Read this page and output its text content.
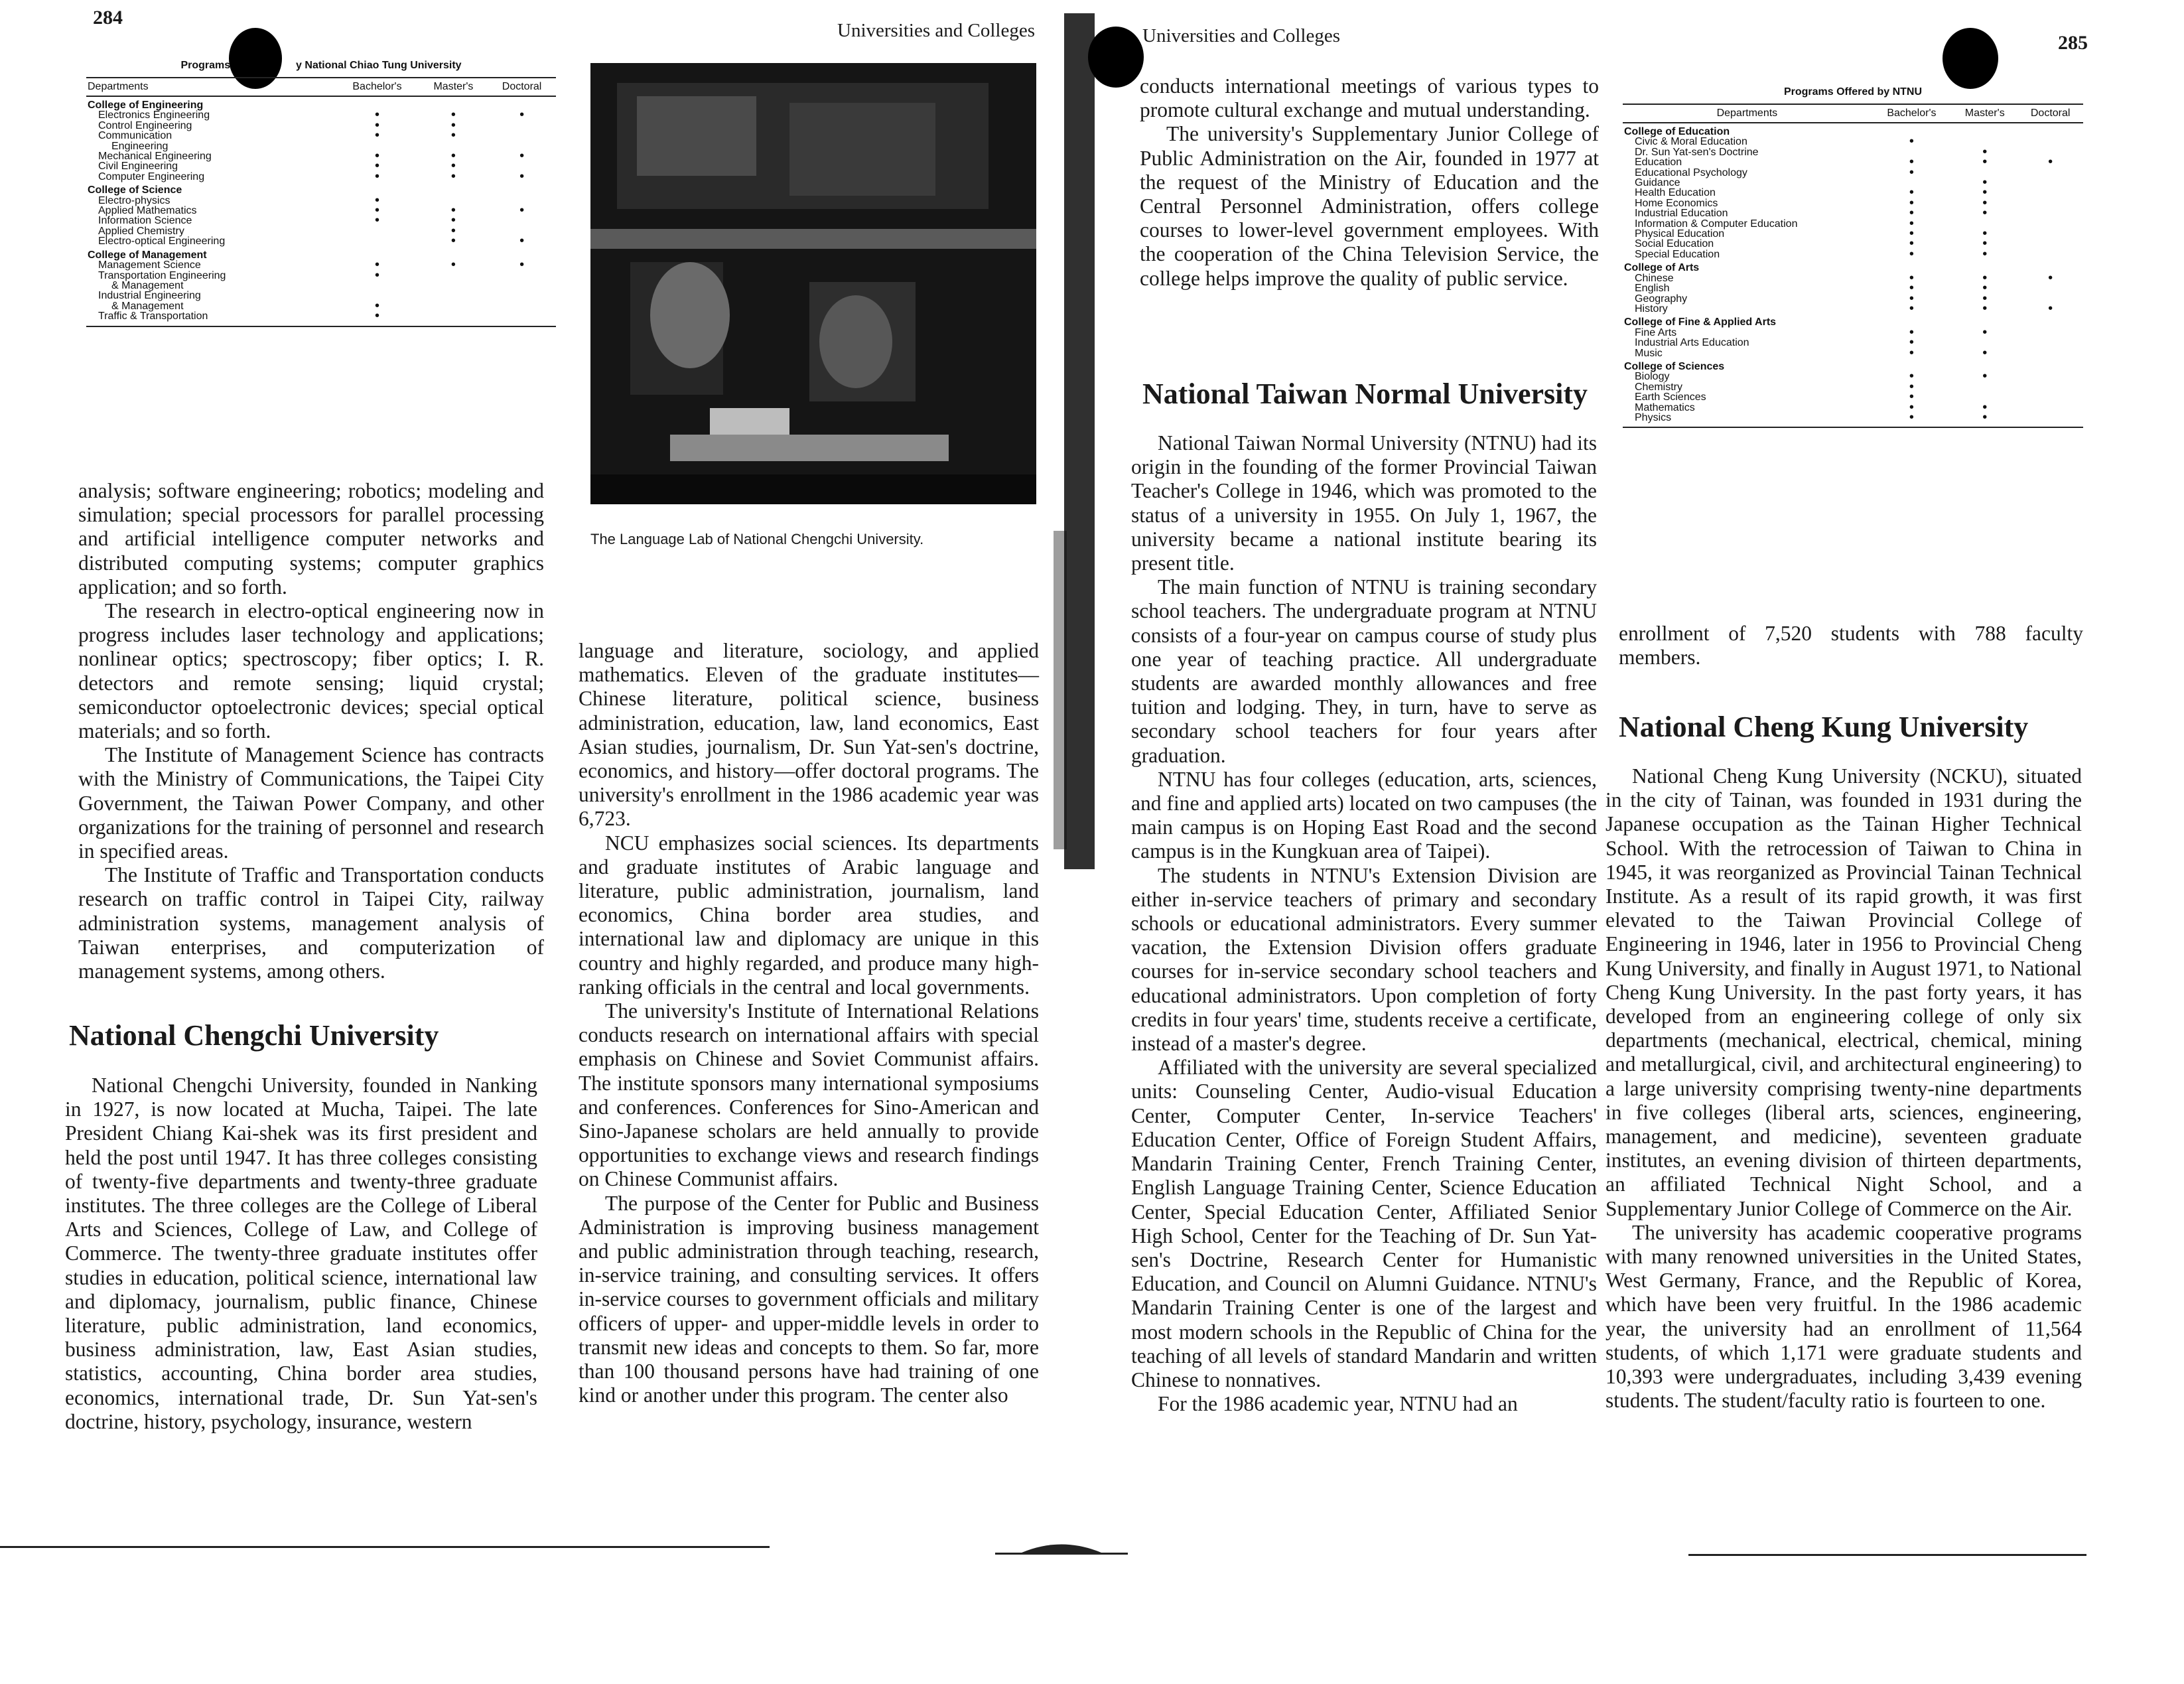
284
Universities and Colleges
Programs	y National Chiao Tung University
Departments	Bachelor's	Master's	Doctoral
College of Engineering			
Electronics Engineering	•	•	•
Control Engineering	•	•	
Communication	•	•	
Engineering			
Mechanical Engineering	•	•	•
Civil Engineering	•	•	
Computer Engineering	•	•	•
College of Science			
Electro-physics	•		
Applied Mathematics	•	•	•
Information Science	•	•	
Applied Chemistry		•	
Electro-optical Engineering		•	•
College of Management			
Management Science	•	•	•
Transportation Engineering	•		
& Management			
Industrial Engineering			
& Management	•		
Traffic & Transportation	•		

analysis; software engineering; robotics; modeling and simulation; special processors for parallel processing and artificial intelligence computer networks and distributed computing systems; computer graphics application; and so forth.

The research in electro-optical engineering now in progress includes laser technology and applications; nonlinear optics; spectroscopy; fiber optics; I. R. detectors and remote sensing; liquid crystal; semiconductor optoelectronic devices; special optical materials; and so forth.

The Institute of Management Science has contracts with the Ministry of Communications, the Taipei City Government, the Taiwan Power Company, and other organizations for the training of personnel and research in specified areas.

The Institute of Traffic and Transportation conducts research on traffic control in Taipei City, railway administration systems, management analysis of Taiwan enterprises, and computerization of management systems, among others.

National Chengchi University

National Chengchi University, founded in Nanking in 1927, is now located at Mucha, Taipei. The late President Chiang Kai-shek was its first president and held the post until 1947. It has three colleges consisting of twenty-five departments and twenty-three graduate institutes. The three colleges are the College of Liberal Arts and Sciences, College of Law, and College of Commerce. The twenty-three graduate institutes offer studies in education, political science, international law and diplomacy, journalism, public finance, Chinese literature, public administration, land economics, business administration, law, East Asian studies, statistics, accounting, China border area studies, economics, international trade, Dr. Sun Yat-sen's doctrine, history, psychology, insurance, western

The Language Lab of National Chengchi University.

language and literature, sociology, and applied mathematics. Eleven of the graduate institutes—Chinese literature, political science, business administration, education, law, land economics, East Asian studies, journalism, Dr. Sun Yat-sen's doctrine, economics, and history—offer doctoral programs. The university's enrollment in the 1986 academic year was 6,723.

NCU emphasizes social sciences. Its departments and graduate institutes of Arabic language and literature, public administration, journalism, land economics, China border area studies, and international law and diplomacy are unique in this country and highly regarded, and produce many high-ranking officials in the central and local governments.

The university's Institute of International Relations conducts research on international affairs with special emphasis on Chinese and Soviet Communist affairs. The institute sponsors many international symposiums and conferences. Conferences for Sino-American and Sino-Japanese scholars are held annually to provide opportunities to exchange views and research findings on Chinese Communist affairs.

The purpose of the Center for Public and Business Administration is improving business management and public administration through teaching, research, in-service training, and consulting services. It offers in-service courses to government officials and military officers of upper- and upper-middle levels in order to transmit new ideas and concepts to them. So far, more than 100 thousand persons have had training of one kind or another under this program. The center also

Universities and Colleges	285

conducts international meetings of various types to promote cultural exchange and mutual understanding.

The university's Supplementary Junior College of Public Administration on the Air, founded in 1977 at the request of the Ministry of Education and the Central Personnel Administration, offers college courses to lower-level government employees. With the cooperation of the China Television Service, the college helps improve the quality of public service.

National Taiwan Normal University

National Taiwan Normal University (NTNU) had its origin in the founding of the former Provincial Taiwan Teacher's College in 1946, which was promoted to the status of a university in 1955. On July 1, 1967, the university became a national institute bearing its present title.

The main function of NTNU is training secondary school teachers. The undergraduate program at NTNU consists of a four-year on campus course of study plus one year of teaching practice. All undergraduate students are awarded monthly allowances and free tuition and lodging. They, in turn, have to serve as secondary school teachers for four years after graduation.

NTNU has four colleges (education, arts, sciences, and fine and applied arts) located on two campuses (the main campus is on Hoping East Road and the second campus is in the Kungkuan area of Taipei).

The students in NTNU's Extension Division are either in-service teachers of primary and secondary schools or educational administrators. Every summer vacation, the Extension Division offers graduate courses for in-service secondary school teachers and educational administrators. Upon completion of forty credits in four years' time, students receive a certificate, instead of a master's degree.

Affiliated with the university are several specialized units: Counseling Center, Audio-visual Education Center, Computer Center, In-service Teachers' Education Center, Office of Foreign Student Affairs, Mandarin Training Center, French Training Center, English Language Training Center, Science Education Center, Special Education Center, Affiliated Senior High School, Center for the Teaching of Dr. Sun Yat-sen's Doctrine, Research Center for Humanistic Education, and Council on Alumni Guidance. NTNU's Mandarin Training Center is one of the largest and most modern schools in the Republic of China for the teaching of all levels of standard Mandarin and written Chinese to nonnatives.

For the 1986 academic year, NTNU had an

Programs Offered by NTNU
Departments	Bachelor's	Master's	Doctoral
College of Education			
Civic & Moral Education	•		
Dr. Sun Yat-sen's Doctrine		•	
Education	•	•	•
Educational Psychology	•		
Guidance		•	
Health Education	•	•	
Home Economics	•	•	
Industrial Education	•	•	
Information & Computer Education	•		
Physical Education	•	•	
Social Education	•	•	
Special Education	•	•	
College of Arts			
Chinese	•	•	•
English	•	•	
Geography	•	•	
History	•	•	•
College of Fine & Applied Arts			
Fine Arts	•	•	
Industrial Arts Education	•		
Music	•	•	
College of Sciences			
Biology	•	•	
Chemistry	•		
Earth Sciences	•		
Mathematics	•	•	
Physics	•	•	

enrollment of 7,520 students with 788 faculty members.

National Cheng Kung University

National Cheng Kung University (NCKU), situated in the city of Tainan, was founded in 1931 during the Japanese occupation as the Tainan Higher Technical School. With the retrocession of Taiwan to China in 1945, it was reorganized as Provincial Tainan Technical Institute. As a result of its rapid growth, it was first elevated to the Taiwan Provincial College of Engineering in 1946, later in 1956 to Provincial Cheng Kung University, and finally in August 1971, to National Cheng Kung University. In the past forty years, it has developed from an engineering college of only six departments (mechanical, electrical, chemical, mining and metallurgical, civil, and architectural engineering) to a large university comprising twenty-nine departments in five colleges (liberal arts, sciences, engineering, management, and medicine), seventeen graduate institutes, an evening division of thirteen departments, an affiliated Technical Night School, and a Supplementary Junior College of Commerce on the Air.

The university has academic cooperative programs with many renowned universities in the United States, West Germany, France, and the Republic of Korea, which have been very fruitful. In the 1986 academic year, the university had an enrollment of 11,564 students, of which 1,171 were graduate students and 10,393 were undergraduates, including 3,439 evening students. The student/faculty ratio is fourteen to one.
